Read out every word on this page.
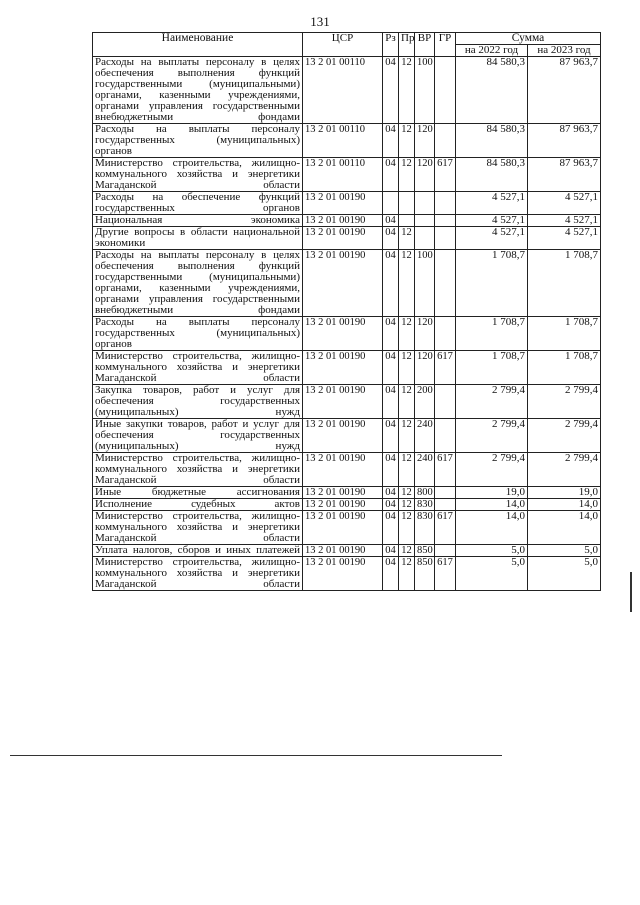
131
Наименование	ЦСР	Рз	Пр	ВР	ГР	Сумма	
						на 2022 год	на 2023 год
Расходы на выплаты персоналу в целях обеспечения выполнения функций государственными (муниципальными) органами, казенными учреждениями, органами управления государственными внебюджетными фондами	13 2 01 00110	04	12	100		84 580,3	87 963,7
Расходы на выплаты персоналу государственных (муниципальных) органов	13 2 01 00110	04	12	120		84 580,3	87 963,7
Министерство строительства, жилищно-коммунального хозяйства и энергетики Магаданской области	13 2 01 00110	04	12	120	617	84 580,3	87 963,7
Расходы на обеспечение функций государственных органов	13 2 01 00190					4 527,1	4 527,1
Национальная экономика	13 2 01 00190	04				4 527,1	4 527,1
Другие вопросы в области национальной экономики	13 2 01 00190	04	12			4 527,1	4 527,1
Расходы на выплаты персоналу в целях обеспечения выполнения функций государственными (муниципальными) органами, казенными учреждениями, органами управления государственными внебюджетными фондами	13 2 01 00190	04	12	100		1 708,7	1 708,7
Расходы на выплаты персоналу государственных (муниципальных) органов	13 2 01 00190	04	12	120		1 708,7	1 708,7
Министерство строительства, жилищно-коммунального хозяйства и энергетики Магаданской области	13 2 01 00190	04	12	120	617	1 708,7	1 708,7
Закупка товаров, работ и услуг для обеспечения государственных (муниципальных) нужд	13 2 01 00190	04	12	200		2 799,4	2 799,4
Иные закупки товаров, работ и услуг для обеспечения государственных (муниципальных) нужд	13 2 01 00190	04	12	240		2 799,4	2 799,4
Министерство строительства, жилищно-коммунального хозяйства и энергетики Магаданской области	13 2 01 00190	04	12	240	617	2 799,4	2 799,4
Иные бюджетные ассигнования	13 2 01 00190	04	12	800		19,0	19,0
Исполнение судебных актов	13 2 01 00190	04	12	830		14,0	14,0
Министерство строительства, жилищно-коммунального хозяйства и энергетики Магаданской области	13 2 01 00190	04	12	830	617	14,0	14,0
Уплата налогов, сборов и иных платежей	13 2 01 00190	04	12	850		5,0	5,0
Министерство строительства, жилищно-коммунального хозяйства и энергетики Магаданской области	13 2 01 00190	04	12	850	617	5,0	5,0
